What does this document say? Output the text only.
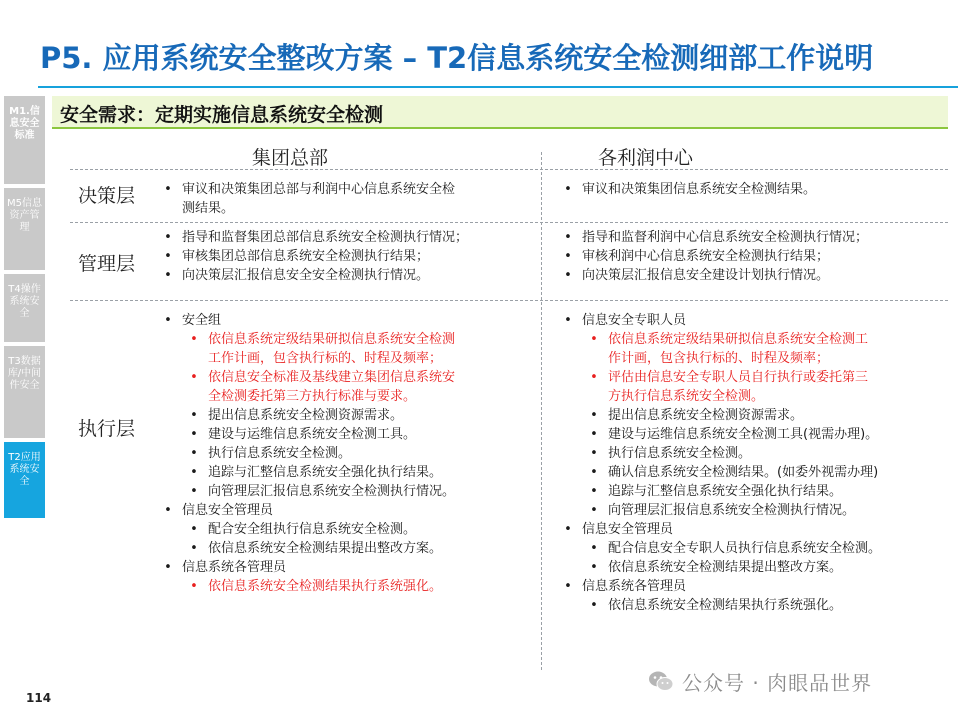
P5. 应用系统安全整改方案 – T2信息系统安全检测细部工作说明
M1.信息安全标准
M5信息资产管理
T4操作系统安全
T3数据库/中间件安全
T2应用系统安全
安全需求：定期实施信息系统安全检测
集团总部	各利润中心
决策层
管理层
执行层
• 审议和决策集团总部与利润中心信息系统安全检
测结果。
• 审议和决策集团信息系统安全检测结果。
• 指导和监督集团总部信息系统安全检测执行情况；
• 审核集团总部信息系统安全检测执行结果；
• 向决策层汇报信息安全安全检测执行情况。
• 指导和监督利润中心信息系统安全检测执行情况；
• 审核利润中心信息系统安全检测执行结果；
• 向决策层汇报信息安全建设计划执行情况。
• 安全组
• 依信息系统定级结果研拟信息系统安全检测
工作计画，包含执行标的、时程及频率；
• 依信息安全标准及基线建立集团信息系统安
全检测委托第三方执行标准与要求。
• 提出信息系统安全检测资源需求。
• 建设与运维信息系统安全检测工具。
• 执行信息系统安全检测。
• 追踪与汇整信息系统安全强化执行结果。
• 向管理层汇报信息系统安全检测执行情况。
• 信息安全管理员
• 配合安全组执行信息系统安全检测。
• 依信息系统安全检测结果提出整改方案。
• 信息系统各管理员
• 依信息系统安全检测结果执行系统强化。
• 信息安全专职人员
• 依信息系统定级结果研拟信息系统安全检测工
作计画，包含执行标的、时程及频率；
• 评估由信息安全专职人员自行执行或委托第三
方执行信息系统安全检测。
• 提出信息系统安全检测资源需求。
• 建设与运维信息系统安全检测工具(视需办理)。
• 执行信息系统安全检测。
• 确认信息系统安全检测结果。(如委外视需办理)
• 追踪与汇整信息系统安全强化执行结果。
• 向管理层汇报信息系统安全检测执行情况。
• 信息安全管理员
• 配合信息安全专职人员执行信息系统安全检测。
• 依信息系统安全检测结果提出整改方案。
• 信息系统各管理员
• 依信息系统安全检测结果执行系统强化。
114
公众号 · 肉眼品世界
